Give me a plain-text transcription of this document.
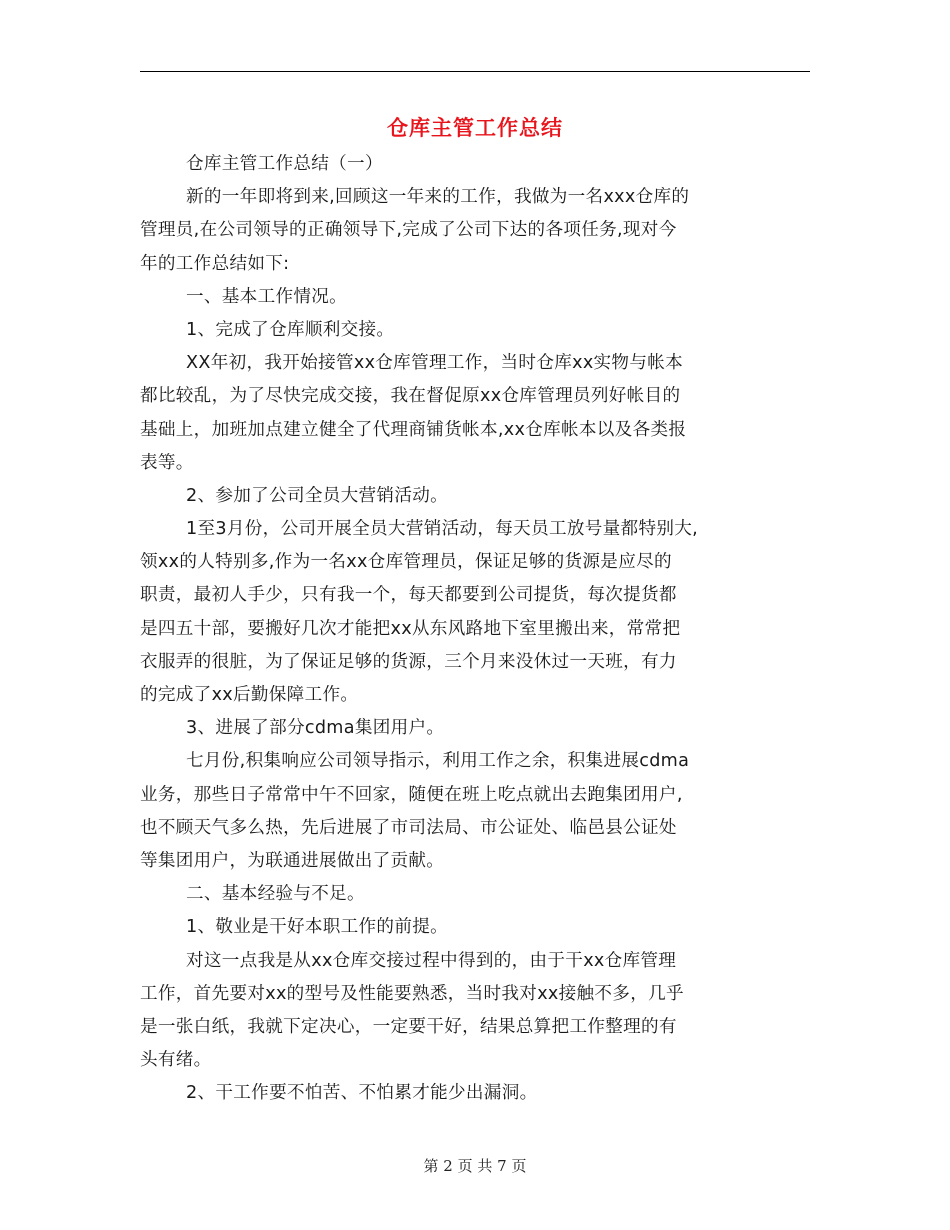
仓库主管工作总结
仓库主管工作总结（一）
新的一年即将到来,回顾这一年来的工作，我做为一名xxx仓库的
管理员,在公司领导的正确领导下,完成了公司下达的各项任务,现对今
年的工作总结如下:
一、基本工作情况。
1、完成了仓库顺利交接。
XX年初，我开始接管xx仓库管理工作，当时仓库xx实物与帐本
都比较乱，为了尽快完成交接，我在督促原xx仓库管理员列好帐目的
基础上，加班加点建立健全了代理商铺货帐本,xx仓库帐本以及各类报
表等。
2、参加了公司全员大营销活动。
1至3月份，公司开展全员大营销活动，每天员工放号量都特别大,
领xx的人特别多,作为一名xx仓库管理员，保证足够的货源是应尽的
职责，最初人手少，只有我一个，每天都要到公司提货，每次提货都
是四五十部，要搬好几次才能把xx从东风路地下室里搬出来，常常把
衣服弄的很脏，为了保证足够的货源，三个月来没休过一天班，有力
的完成了xx后勤保障工作。
3、进展了部分cdma集团用户。
七月份,积集响应公司领导指示，利用工作之余，积集进展cdma
业务，那些日子常常中午不回家，随便在班上吃点就出去跑集团用户,
也不顾天气多么热，先后进展了市司法局、市公证处、临邑县公证处
等集团用户，为联通进展做出了贡献。
二、基本经验与不足。
1、敬业是干好本职工作的前提。
对这一点我是从xx仓库交接过程中得到的，由于干xx仓库管理
工作，首先要对xx的型号及性能要熟悉，当时我对xx接触不多，几乎
是一张白纸，我就下定决心，一定要干好，结果总算把工作整理的有
头有绪。
2、干工作要不怕苦、不怕累才能少出漏洞。
第 2 页 共 7 页
